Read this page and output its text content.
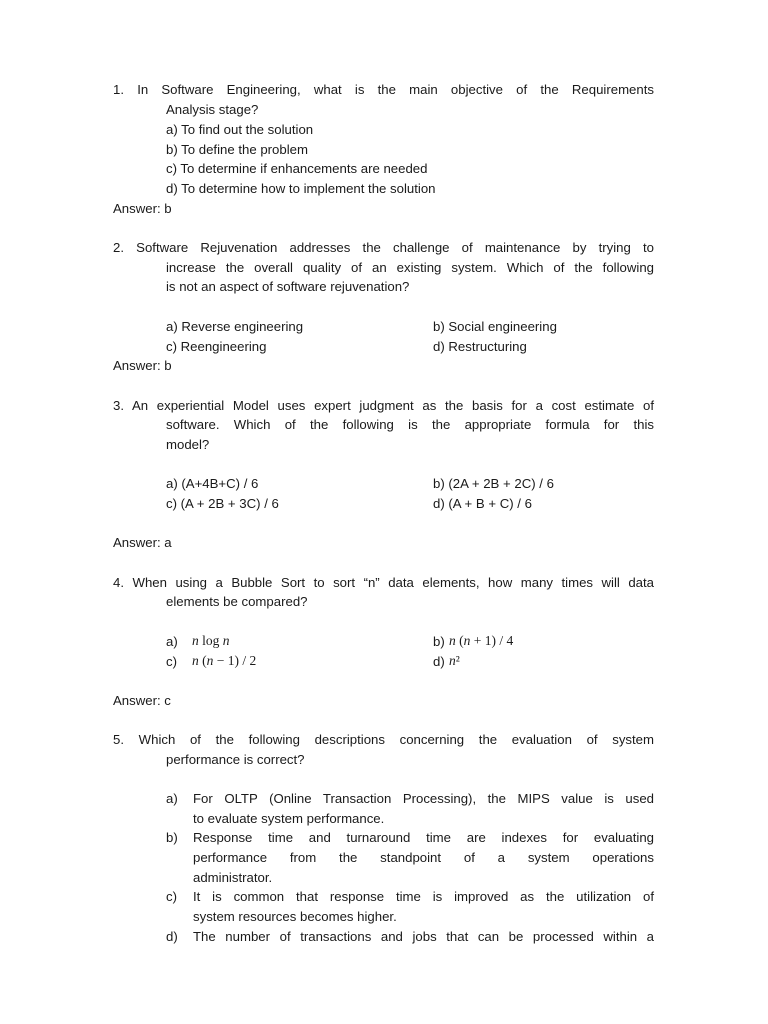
1. In Software Engineering, what is the main objective of the Requirements
Analysis stage?
a) To find out the solution
b) To define the problem
c) To determine if enhancements are needed
d) To determine how to implement the solution
Answer: b
2. Software Rejuvenation addresses the challenge of maintenance by trying to
increase the overall quality of an existing system. Which of the following
is not an aspect of software rejuvenation?
a) Reverse engineering	b) Social engineering
c) Reengineering	d) Restructuring
Answer: b
3. An experiential Model uses expert judgment as the basis for a cost estimate of
software. Which of the following is the appropriate formula for this
model?
a) (A+4B+C) / 6	b) (2A + 2B + 2C) / 6
c) (A + 2B + 3C) / 6	d) (A + B + C) / 6
Answer: a
4. When using a Bubble Sort to sort “n” data elements, how many times will data
elements be compared?
a) n log n	b) n (n + 1) / 4
c) n (n − 1) / 2	d) n²
Answer: c
5. Which of the following descriptions concerning the evaluation of system
performance is correct?
a) For OLTP (Online Transaction Processing), the MIPS value is used
to evaluate system performance.
b) Response time and turnaround time are indexes for evaluating
performance from the standpoint of a system operations
administrator.
c) It is common that response time is improved as the utilization of
system resources becomes higher.
d) The number of transactions and jobs that can be processed within a
